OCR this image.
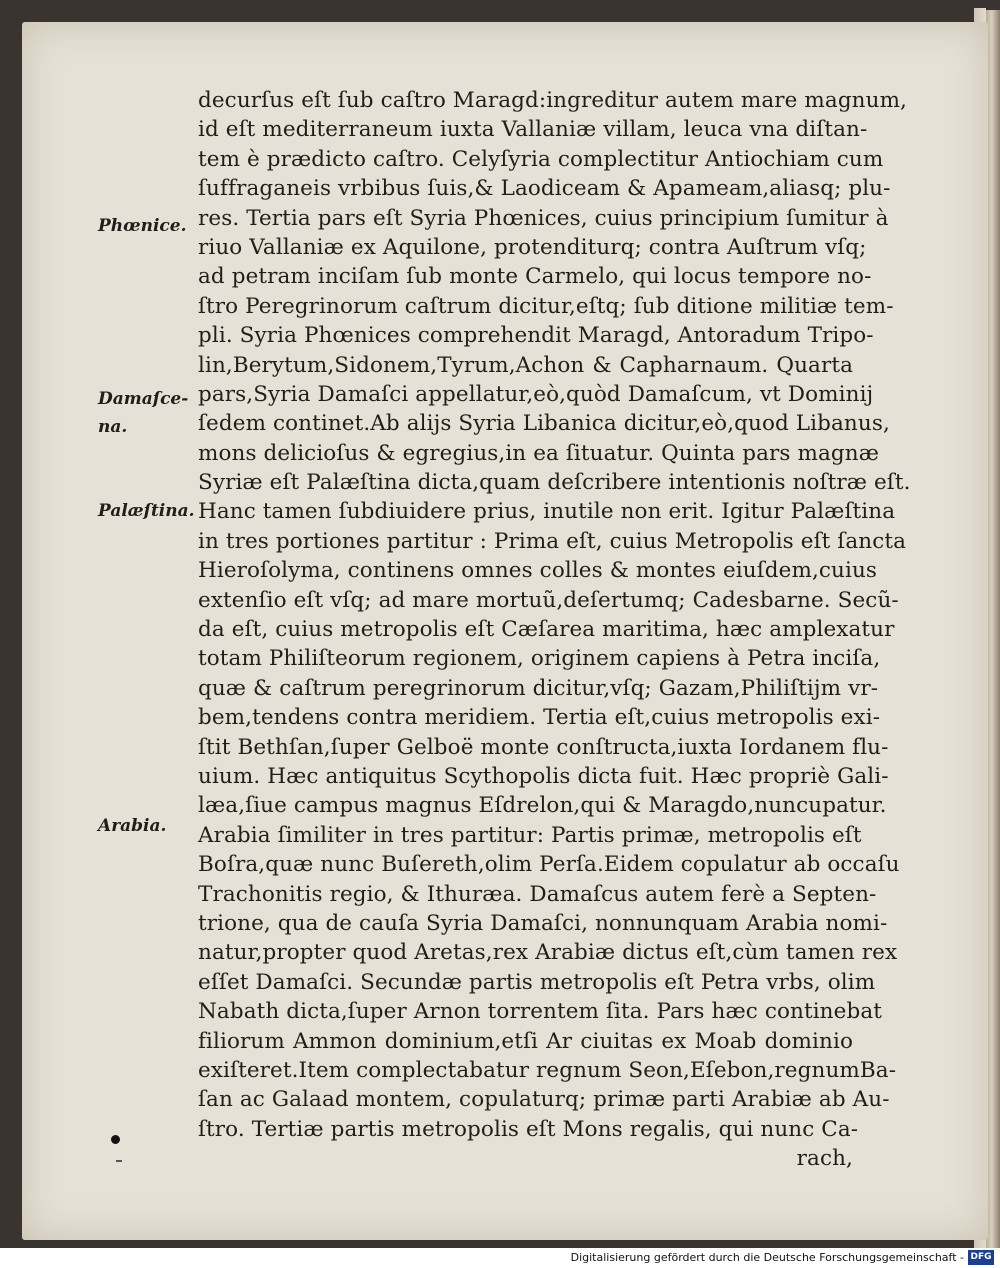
decurſus eſt ſub caſtro Maragd:ingreditur autem mare magnum,
id eſt mediterraneum iuxta Vallaniæ villam, leuca vna diſtan-
tem è prædicto caſtro. Celyſyria complectitur Antiochiam cum
ſuffraganeis vrbibus ſuis,& Laodiceam & Apameam,aliasq; plu-
res. Tertia pars eſt Syria Phœnices, cuius principium ſumitur à
riuo Vallaniæ ex Aquilone, protenditurq; contra Auſtrum vſq;
ad petram inciſam ſub monte Carmelo, qui locus tempore no-
ſtro Peregrinorum caſtrum dicitur,eſtq; ſub ditione militiæ tem-
pli. Syria Phœnices comprehendit Maragd, Antoradum Tripo-
lin,Berytum,Sidonem,Tyrum,Achon & Capharnaum. Quarta
pars,Syria Damaſci appellatur,eò,quòd Damaſcum, vt Dominij
ſedem continet.Ab alijs Syria Libanica dicitur,eò,quod Libanus,
mons delicioſus & egregius,in ea ſituatur. Quinta pars magnæ
Syriæ eſt Palæſtina dicta,quam deſcribere intentionis noſtræ eſt.
Hanc tamen ſubdiuidere prius, inutile non erit. Igitur Palæſtina
in tres portiones partitur : Prima eſt, cuius Metropolis eſt ſancta
Hieroſolyma, continens omnes colles & montes eiuſdem,cuius
extenſio eſt vſq; ad mare mortuũ,deſertumq; Cadesbarne. Secũ-
da eſt, cuius metropolis eſt Cæſarea maritima, hæc amplexatur
totam Philiſteorum regionem, originem capiens à Petra inciſa,
quæ & caſtrum peregrinorum dicitur,vſq; Gazam,Philiſtijm vr-
bem,tendens contra meridiem. Tertia eſt,cuius metropolis exi-
ſtit Bethſan,ſuper Gelboë monte conſtructa,iuxta Iordanem flu-
uium. Hæc antiquitus Scythopolis dicta fuit. Hæc propriè Gali-
læa,ſiue campus magnus Eſdrelon,qui & Maragdo,nuncupatur.
Arabia ſimiliter in tres partitur: Partis primæ, metropolis eſt
Boſra,quæ nunc Buſereth,olim Perſa.Eidem copulatur ab occaſu
Trachonitis regio, & Ithuræa. Damaſcus autem ferè a Septen-
trione, qua de cauſa Syria Damaſci, nonnunquam Arabia nomi-
natur,propter quod Aretas,rex Arabiæ dictus eſt,cùm tamen rex
eſſet Damaſci. Secundæ partis metropolis eſt Petra vrbs, olim
Nabath dicta,ſuper Arnon torrentem ſita. Pars hæc continebat
filiorum Ammon dominium,etſi Ar ciuitas ex Moab dominio
exiſteret.Item complectabatur regnum Seon,Eſebon,regnumBa-
ſan ac Galaad montem, copulaturq; primæ parti Arabiæ ab Au-
ſtro. Tertiæ partis metropolis eſt Mons regalis, qui nunc Ca-
rach,
Phœnice.
Damaſce-
na.
Palæſtina.
Arabia.
Digitalisierung gefördert durch die Deutsche Forschungsgemeinschaft - DFG
